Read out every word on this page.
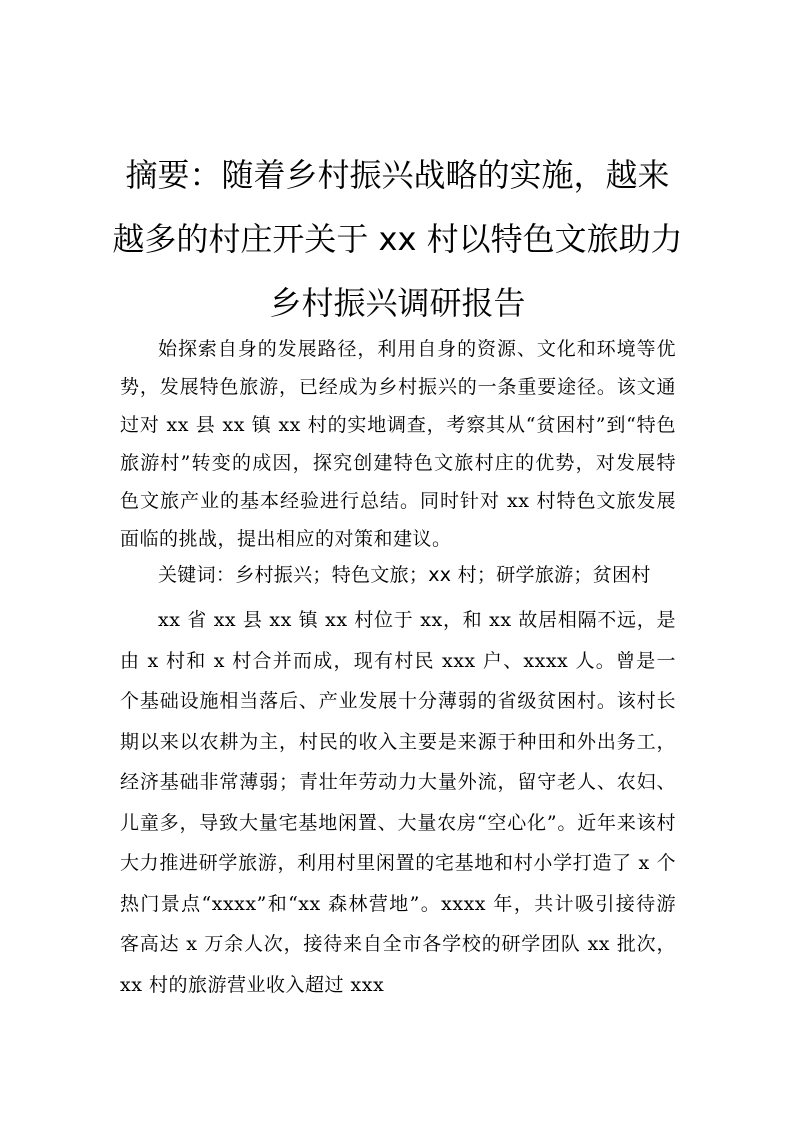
摘要：随着乡村振兴战略的实施，越来越多的村庄开关于 xx 村以特色文旅助力乡村振兴调研报告

始探索自身的发展路径，利用自身的资源、文化和环境等优势，发展特色旅游，已经成为乡村振兴的一条重要途径。该文通过对 xx 县 xx 镇 xx 村的实地调查，考察其从“贫困村”到“特色旅游村”转变的成因，探究创建特色文旅村庄的优势，对发展特色文旅产业的基本经验进行总结。同时针对 xx 村特色文旅发展面临的挑战，提出相应的对策和建议。

关键词：乡村振兴；特色文旅；xx 村；研学旅游；贫困村

xx 省 xx 县 xx 镇 xx 村位于 xx，和 xx 故居相隔不远，是由 x 村和 x 村合并而成，现有村民 xxx 户、xxxx 人。曾是一个基础设施相当落后、产业发展十分薄弱的省级贫困村。该村长期以来以农耕为主，村民的收入主要是来源于种田和外出务工，经济基础非常薄弱；青壮年劳动力大量外流，留守老人、农妇、儿童多，导致大量宅基地闲置、大量农房“空心化”。近年来该村大力推进研学旅游，利用村里闲置的宅基地和村小学打造了 x 个热门景点“xxxx”和“xx 森林营地”。xxxx 年，共计吸引接待游客高达 x 万余人次，接待来自全市各学校的研学团队 xx 批次，xx 村的旅游营业收入超过 xxx
